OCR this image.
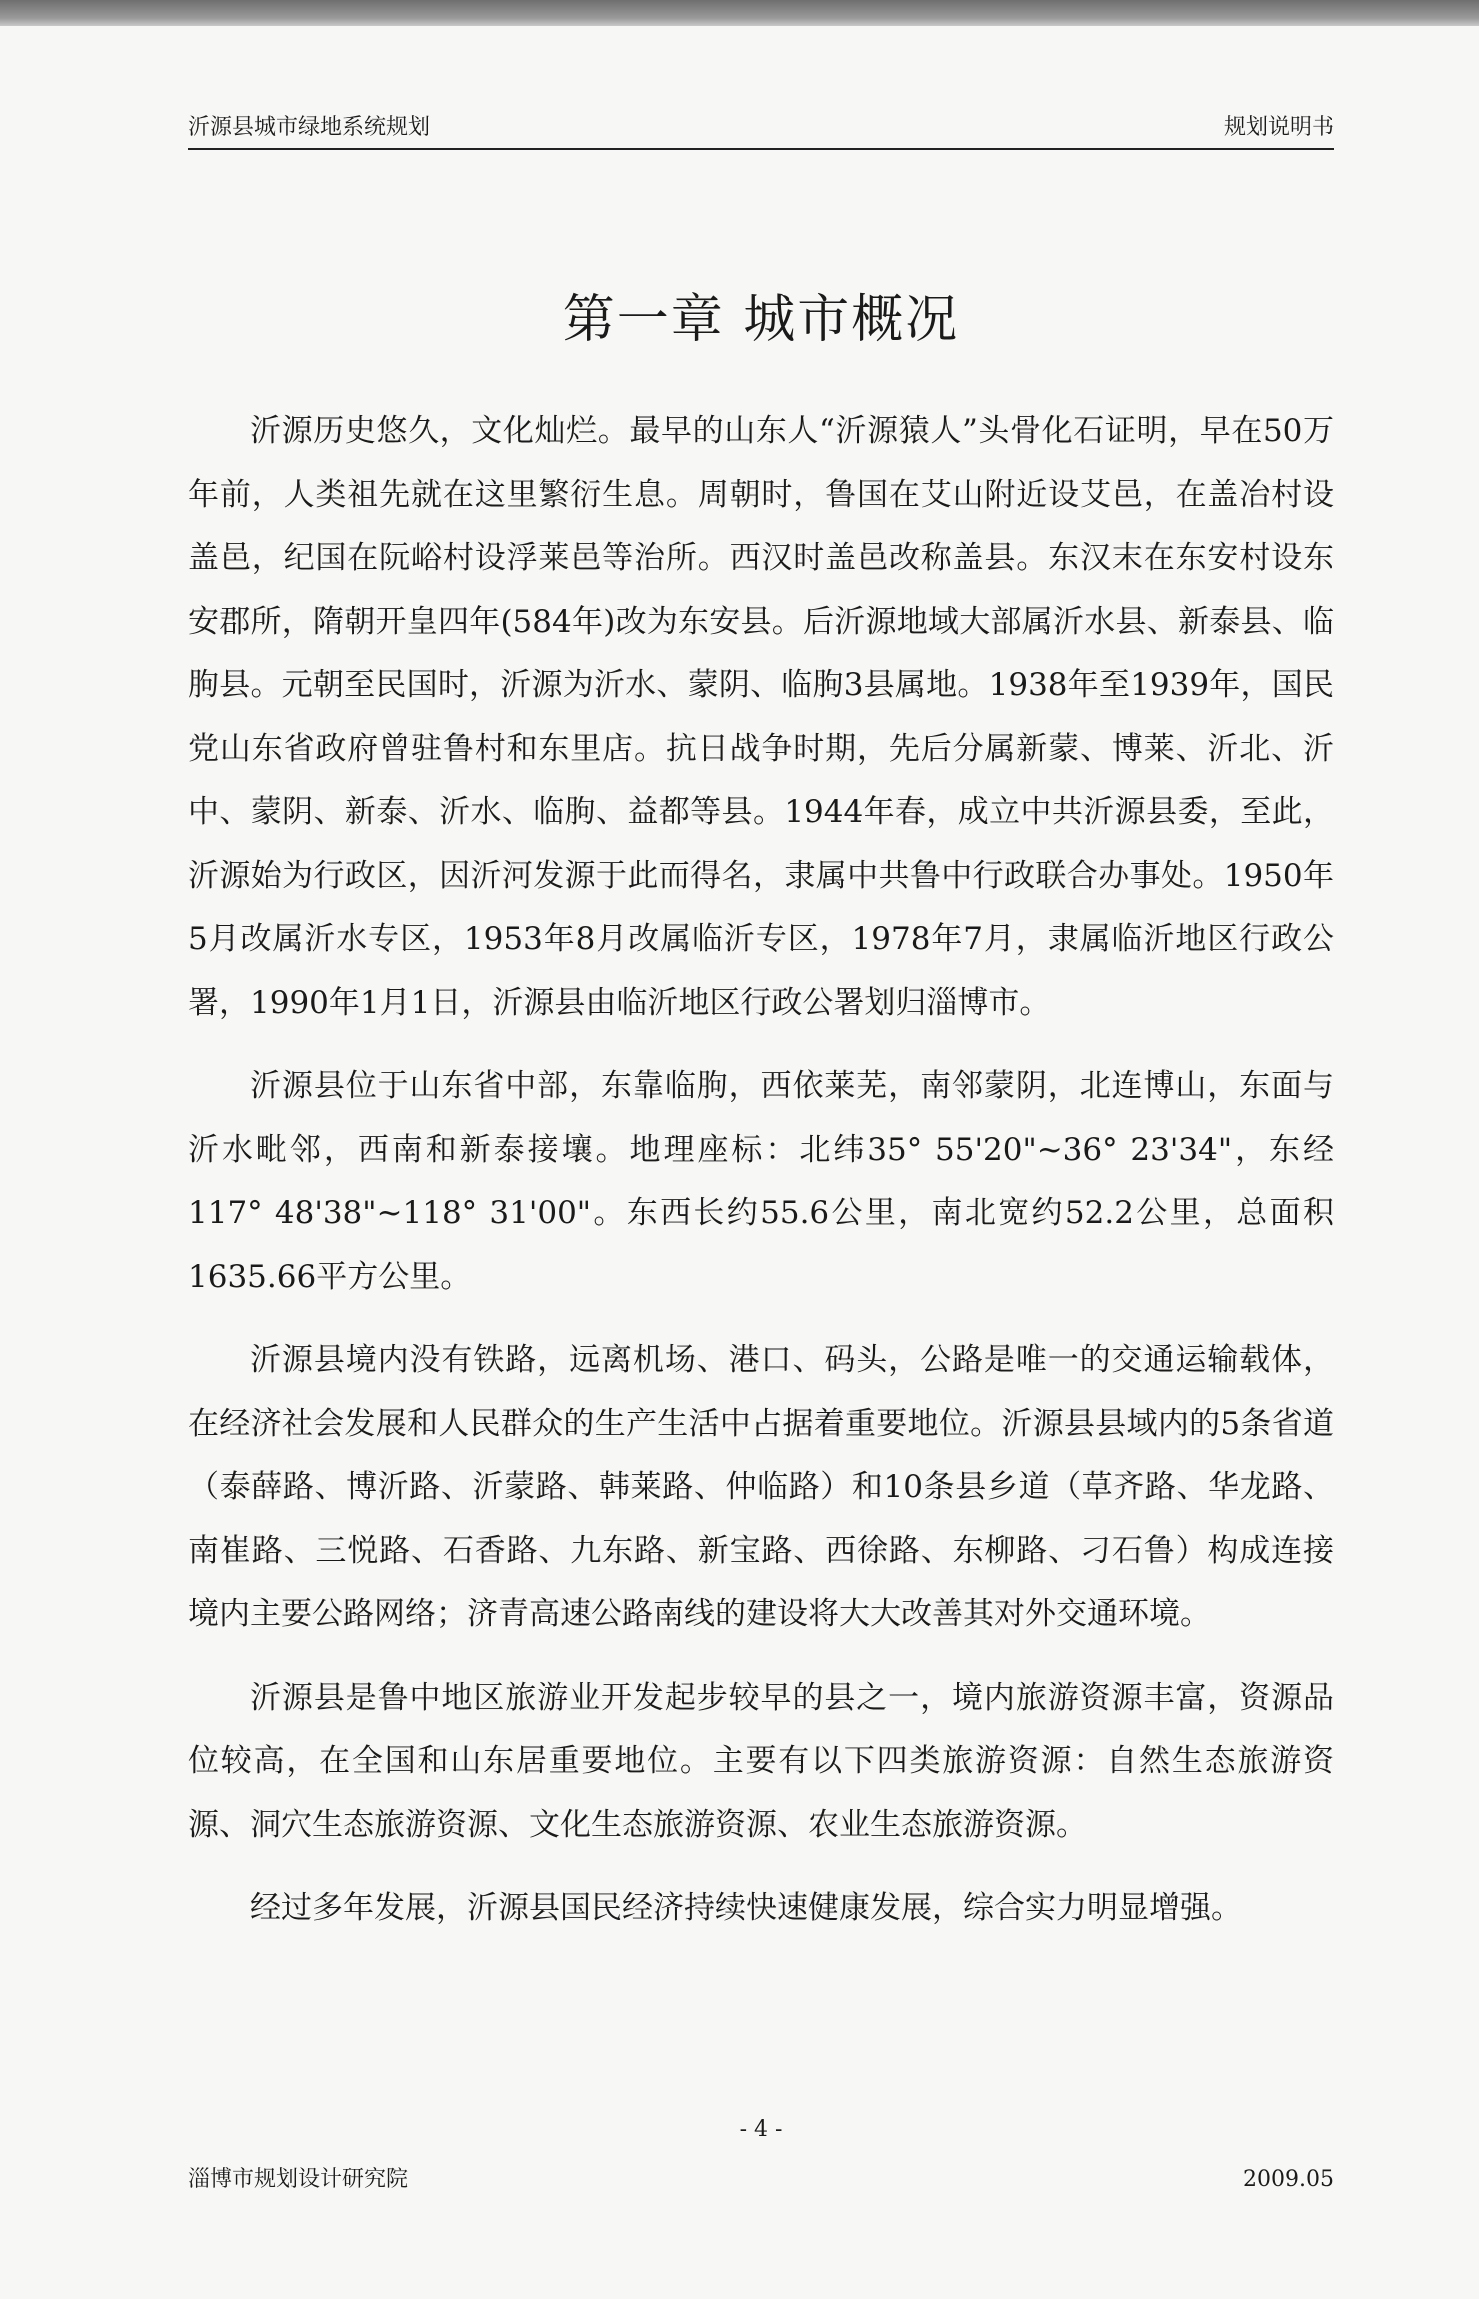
沂源县城市绿地系统规划	规划说明书
第一章 城市概况

沂源历史悠久，文化灿烂。最早的山东人“沂源猿人”头骨化石证明，早在50万年前，人类祖先就在这里繁衍生息。周朝时，鲁国在艾山附近设艾邑，在盖冶村设盖邑，纪国在阮峪村设浮莱邑等治所。西汉时盖邑改称盖县。东汉末在东安村设东安郡所，隋朝开皇四年(584年)改为东安县。后沂源地域大部属沂水县、新泰县、临朐县。元朝至民国时，沂源为沂水、蒙阴、临朐3县属地。1938年至1939年，国民党山东省政府曾驻鲁村和东里店。抗日战争时期，先后分属新蒙、博莱、沂北、沂中、蒙阴、新泰、沂水、临朐、益都等县。1944年春，成立中共沂源县委，至此，沂源始为行政区，因沂河发源于此而得名，隶属中共鲁中行政联合办事处。1950年5月改属沂水专区，1953年8月改属临沂专区，1978年7月，隶属临沂地区行政公署，1990年1月1日，沂源县由临沂地区行政公署划归淄博市。

沂源县位于山东省中部，东靠临朐，西依莱芜，南邻蒙阴，北连博山，东面与沂水毗邻，西南和新泰接壤。地理座标：北纬35° 55'20"~36° 23'34"，东经117° 48'38"~118° 31'00"。东西长约55.6公里，南北宽约52.2公里，总面积1635.66平方公里。

沂源县境内没有铁路，远离机场、港口、码头，公路是唯一的交通运输载体，在经济社会发展和人民群众的生产生活中占据着重要地位。沂源县县域内的5条省道（泰薛路、博沂路、沂蒙路、韩莱路、仲临路）和10条县乡道（草齐路、华龙路、南崔路、三悦路、石香路、九东路、新宝路、西徐路、东柳路、刁石鲁）构成连接境内主要公路网络；济青高速公路南线的建设将大大改善其对外交通环境。

沂源县是鲁中地区旅游业开发起步较早的县之一，境内旅游资源丰富，资源品位较高，在全国和山东居重要地位。主要有以下四类旅游资源：自然生态旅游资源、洞穴生态旅游资源、文化生态旅游资源、农业生态旅游资源。

经过多年发展，沂源县国民经济持续快速健康发展，综合实力明显增强。

- 4 -
淄博市规划设计研究院	2009.05
